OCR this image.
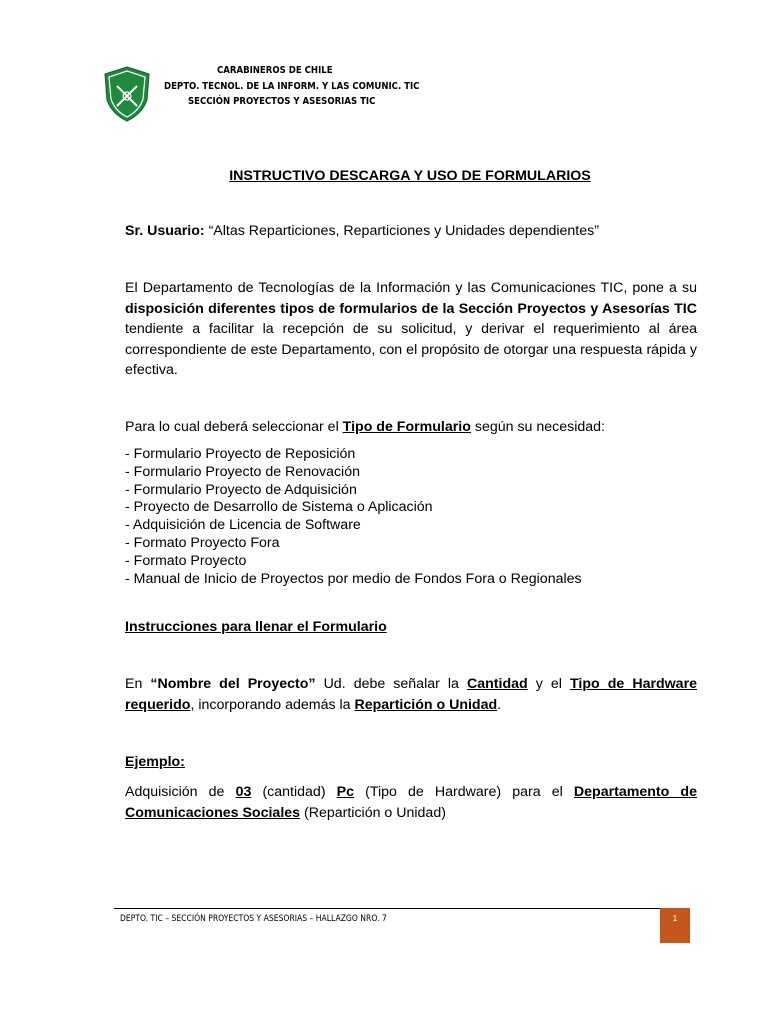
CARABINEROS DE CHILE
DEPTO. TECNOL. DE LA INFORM. Y LAS COMUNIC. TIC
SECCIÓN PROYECTOS Y ASESORIAS TIC
INSTRUCTIVO DESCARGA Y USO DE FORMULARIOS
Sr. Usuario: “Altas Reparticiones, Reparticiones y Unidades dependientes”
El Departamento de Tecnologías de la Información y las Comunicaciones TIC, pone a su disposición diferentes tipos de formularios de la Sección Proyectos y Asesorías TIC tendiente a facilitar la recepción de su solicitud, y derivar el requerimiento al área correspondiente de este Departamento, con el propósito de otorgar una respuesta rápida y efectiva.
Para lo cual deberá seleccionar el Tipo de Formulario según su necesidad:
- Formulario Proyecto de Reposición
- Formulario Proyecto de Renovación
- Formulario Proyecto de Adquisición
- Proyecto de Desarrollo de Sistema o Aplicación
- Adquisición de Licencia de Software
- Formato Proyecto Fora
- Formato Proyecto
- Manual de Inicio de Proyectos por medio de Fondos Fora o Regionales
Instrucciones para llenar el Formulario
En “Nombre del Proyecto” Ud. debe señalar la Cantidad y el Tipo de Hardware requerido, incorporando además la Repartición o Unidad.
Ejemplo:
Adquisición de 03 (cantidad) Pc (Tipo de Hardware) para el Departamento de Comunicaciones Sociales (Repartición o Unidad)
DEPTO. TIC – SECCIÓN PROYECTOS Y ASESORIAS – HALLAZGO NRO. 7	1
